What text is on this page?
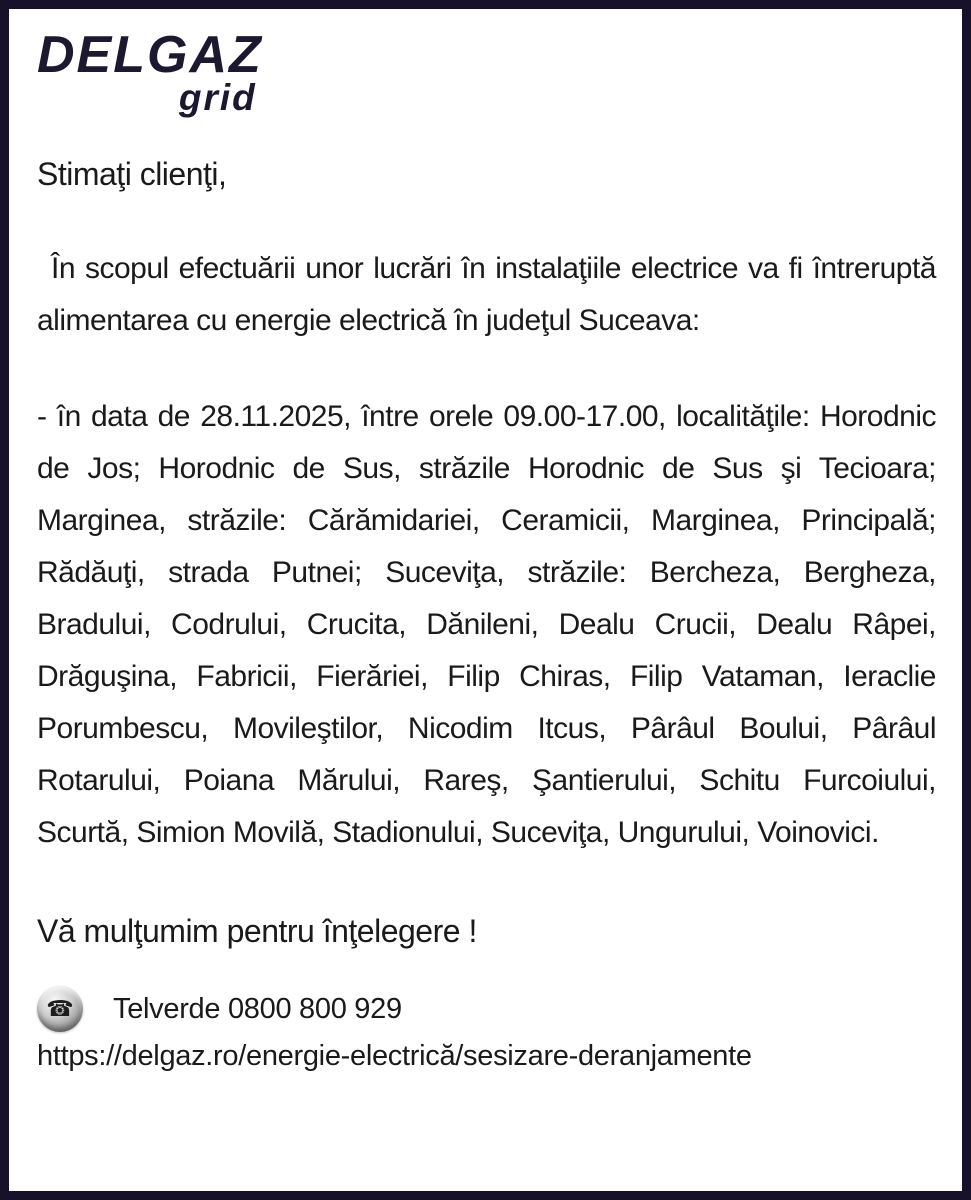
DELGAZ
grid

Stimaţi clienţi,

În scopul efectuării unor lucrări în instalaţiile electrice va fi întreruptă alimentarea cu energie electrică în judeţul Suceava:

- în data de 28.11.2025, între orele 09.00-17.00, localităţile: Horodnic de Jos; Horodnic de Sus, străzile Horodnic de Sus şi Tecioara; Marginea, străzile: Cărămidariei, Ceramicii, Marginea, Principală; Rădăuţi, strada Putnei; Suceviţa, străzile: Bercheza, Bergheza, Bradului, Codrului, Crucita, Dănileni, Dealu Crucii, Dealu Râpei, Drăguşina, Fabricii, Fierăriei, Filip Chiras, Filip Vataman, Ieraclie Porumbescu, Movileştilor, Nicodim Itcus, Pârâul Boului, Pârâul Rotarului, Poiana Mărului, Rareş, Şantierului, Schitu Furcoiului, Scurtă, Simion Movilă, Stadionului, Suceviţa, Ungurului, Voinovici.

Vă mulţumim pentru înţelegere !

☎	Telverde 0800 800 929

https://delgaz.ro/energie-electrică/sesizare-deranjamente
